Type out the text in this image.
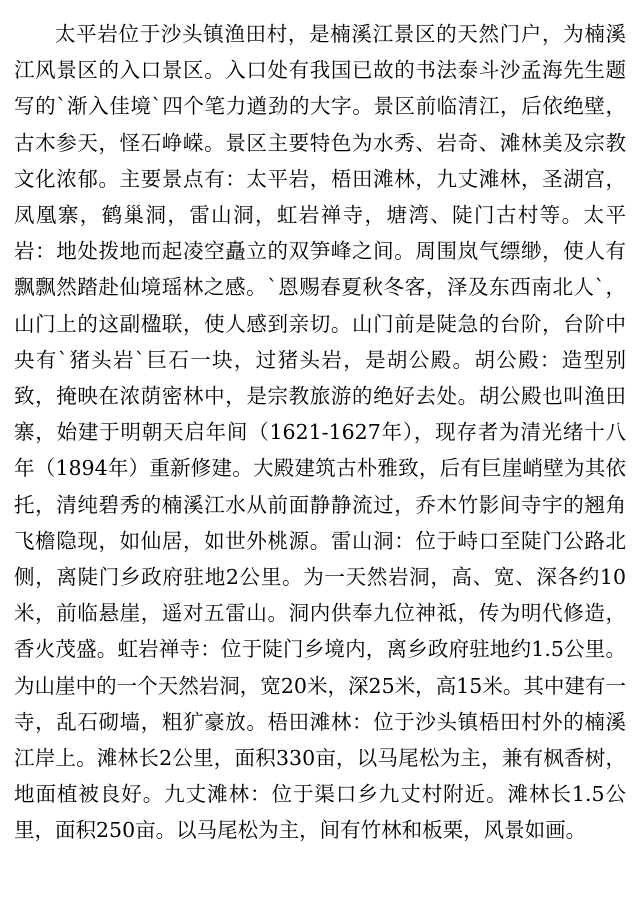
太平岩位于沙头镇渔田村，是楠溪江景区的天然门户，为楠溪江风景区的入口景区。入口处有我国已故的书法泰斗沙孟海先生题写的`渐入佳境`四个笔力遒劲的大字。景区前临清江，后依绝壁，古木参天，怪石峥嵘。景区主要特色为水秀、岩奇、滩林美及宗教文化浓郁。主要景点有：太平岩，梧田滩林，九丈滩林，圣湖宫，凤凰寨，鹤巢洞，雷山洞，虹岩禅寺，塘湾、陡门古村等。太平岩：地处拨地而起凌空矗立的双笋峰之间。周围岚气缥缈，使人有飘飘然踏赴仙境瑶林之感。`恩赐春夏秋冬客，泽及东西南北人`，山门上的这副楹联，使人感到亲切。山门前是陡急的台阶，台阶中央有`猪头岩`巨石一块，过猪头岩，是胡公殿。胡公殿：造型别致，掩映在浓荫密林中，是宗教旅游的绝好去处。胡公殿也叫渔田寨，始建于明朝天启年间（1621-1627年），现存者为清光绪十八年（1894年）重新修建。大殿建筑古朴雅致，后有巨崖峭壁为其依托，清纯碧秀的楠溪江水从前面静静流过，乔木竹影间寺宇的翘角飞檐隐现，如仙居，如世外桃源。雷山洞：位于峙口至陡门公路北侧，离陡门乡政府驻地2公里。为一天然岩洞，高、宽、深各约10米，前临悬崖，遥对五雷山。洞内供奉九位神祗，传为明代修造，香火茂盛。虹岩禅寺：位于陡门乡境内，离乡政府驻地约1.5公里。为山崖中的一个天然岩洞，宽20米，深25米，高15米。其中建有一寺，乱石砌墙，粗犷豪放。梧田滩林：位于沙头镇梧田村外的楠溪江岸上。滩林长2公里，面积330亩，以马尾松为主，兼有枫香树，地面植被良好。九丈滩林：位于渠口乡九丈村附近。滩林长1.5公里，面积250亩。以马尾松为主，间有竹林和板栗，风景如画。
